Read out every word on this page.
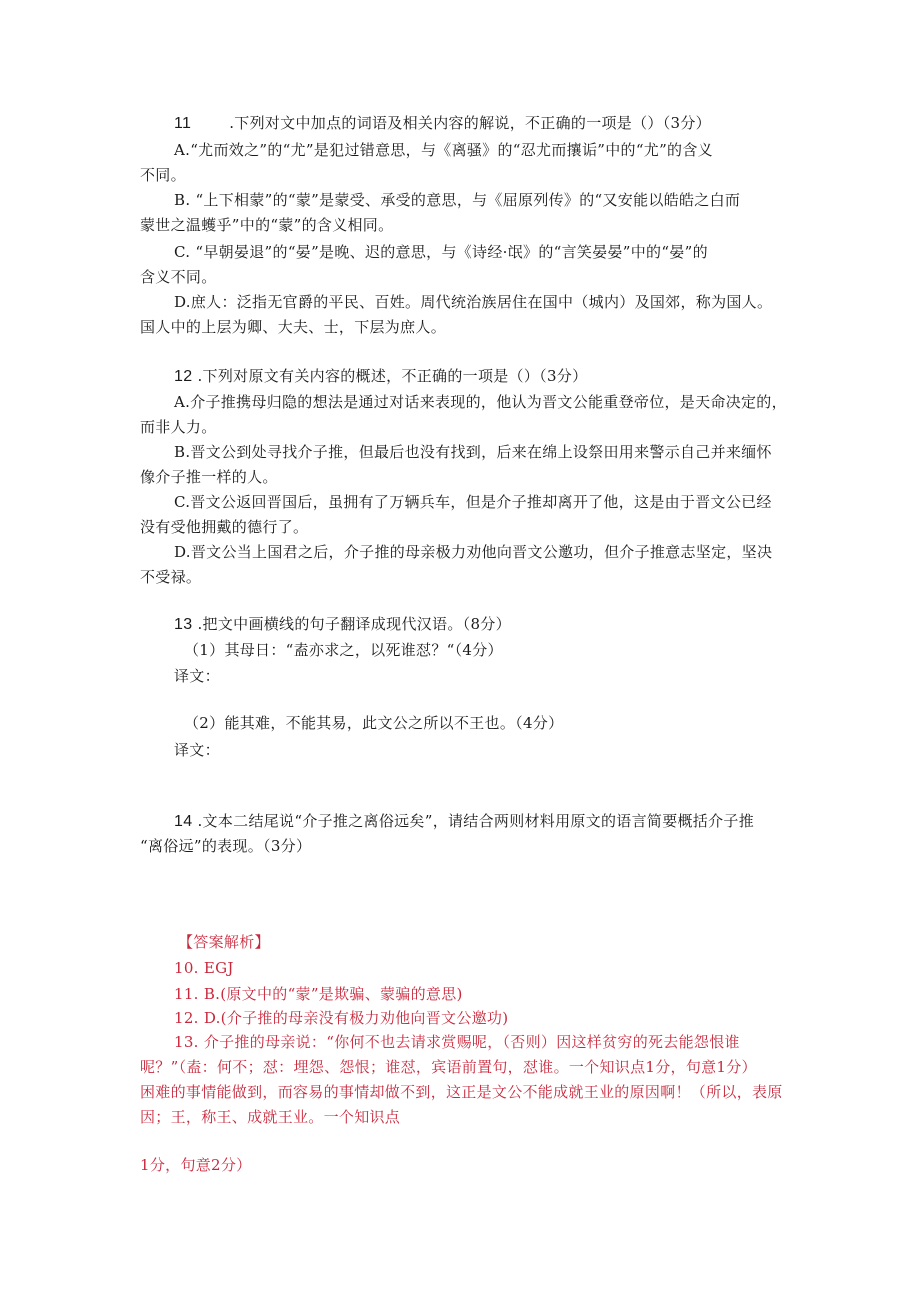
11	.下列对文中加点的词语及相关内容的解说，不正确的一项是（）（3分）
A.“尤而效之”的“尤”是犯过错意思，与《离骚》的“忍尤而攘诟”中的“尤”的含义
不同。
B. “上下相蒙”的“蒙”是蒙受、承受的意思，与《屈原列传》的“又安能以皓皓之白而
蒙世之温蠖乎”中的“蒙”的含义相同。
C. “早朝晏退”的“晏”是晚、迟的意思，与《诗经·氓》的“言笑晏晏”中的“晏”的
含义不同。
D.庶人：泛指无官爵的平民、百姓。周代统治族居住在国中（城内）及国郊，称为国人。
国人中的上层为卿、大夫、士，下层为庶人。
12 .下列对原文有关内容的概述，不正确的一项是（）（3分）
A.介子推携母归隐的想法是通过对话来表现的，他认为晋文公能重登帝位，是天命决定的，
而非人力。
B.晋文公到处寻找介子推，但最后也没有找到，后来在绵上设祭田用来警示自己并来缅怀
像介子推一样的人。
C.晋文公返回晋国后，虽拥有了万辆兵车，但是介子推却离开了他，这是由于晋文公已经
没有受他拥戴的德行了。
D.晋文公当上国君之后，介子推的母亲极力劝他向晋文公邀功，但介子推意志坚定，坚决
不受禄。
13 .把文中画横线的句子翻译成现代汉语。（8分）
（1）其母日：“盍亦求之，以死谁怼？“（4分）
译文：
（2）能其难，不能其易，此文公之所以不王也。（4分）
译文：
14 .文本二结尾说“介子推之离俗远矣”，请结合两则材料用原文的语言简要概括介子推
“离俗远”的表现。（3分）
【答案解析】
10. EGJ
11. B.(原文中的“蒙”是欺骗、蒙骗的意思)
12. D.(介子推的母亲没有极力劝他向晋文公邀功)
13. 介子推的母亲说：“你何不也去请求赏赐呢，（否则）因这样贫穷的死去能怨恨谁
呢？”（盍：何不；怼：埋怨、怨恨；谁怼，宾语前置句，怼谁。一个知识点1分，句意1分）
困难的事情能做到，而容易的事情却做不到，这正是文公不能成就王业的原因啊！（所以，表原
因；王，称王、成就王业。一个知识点
1分，句意2分）
